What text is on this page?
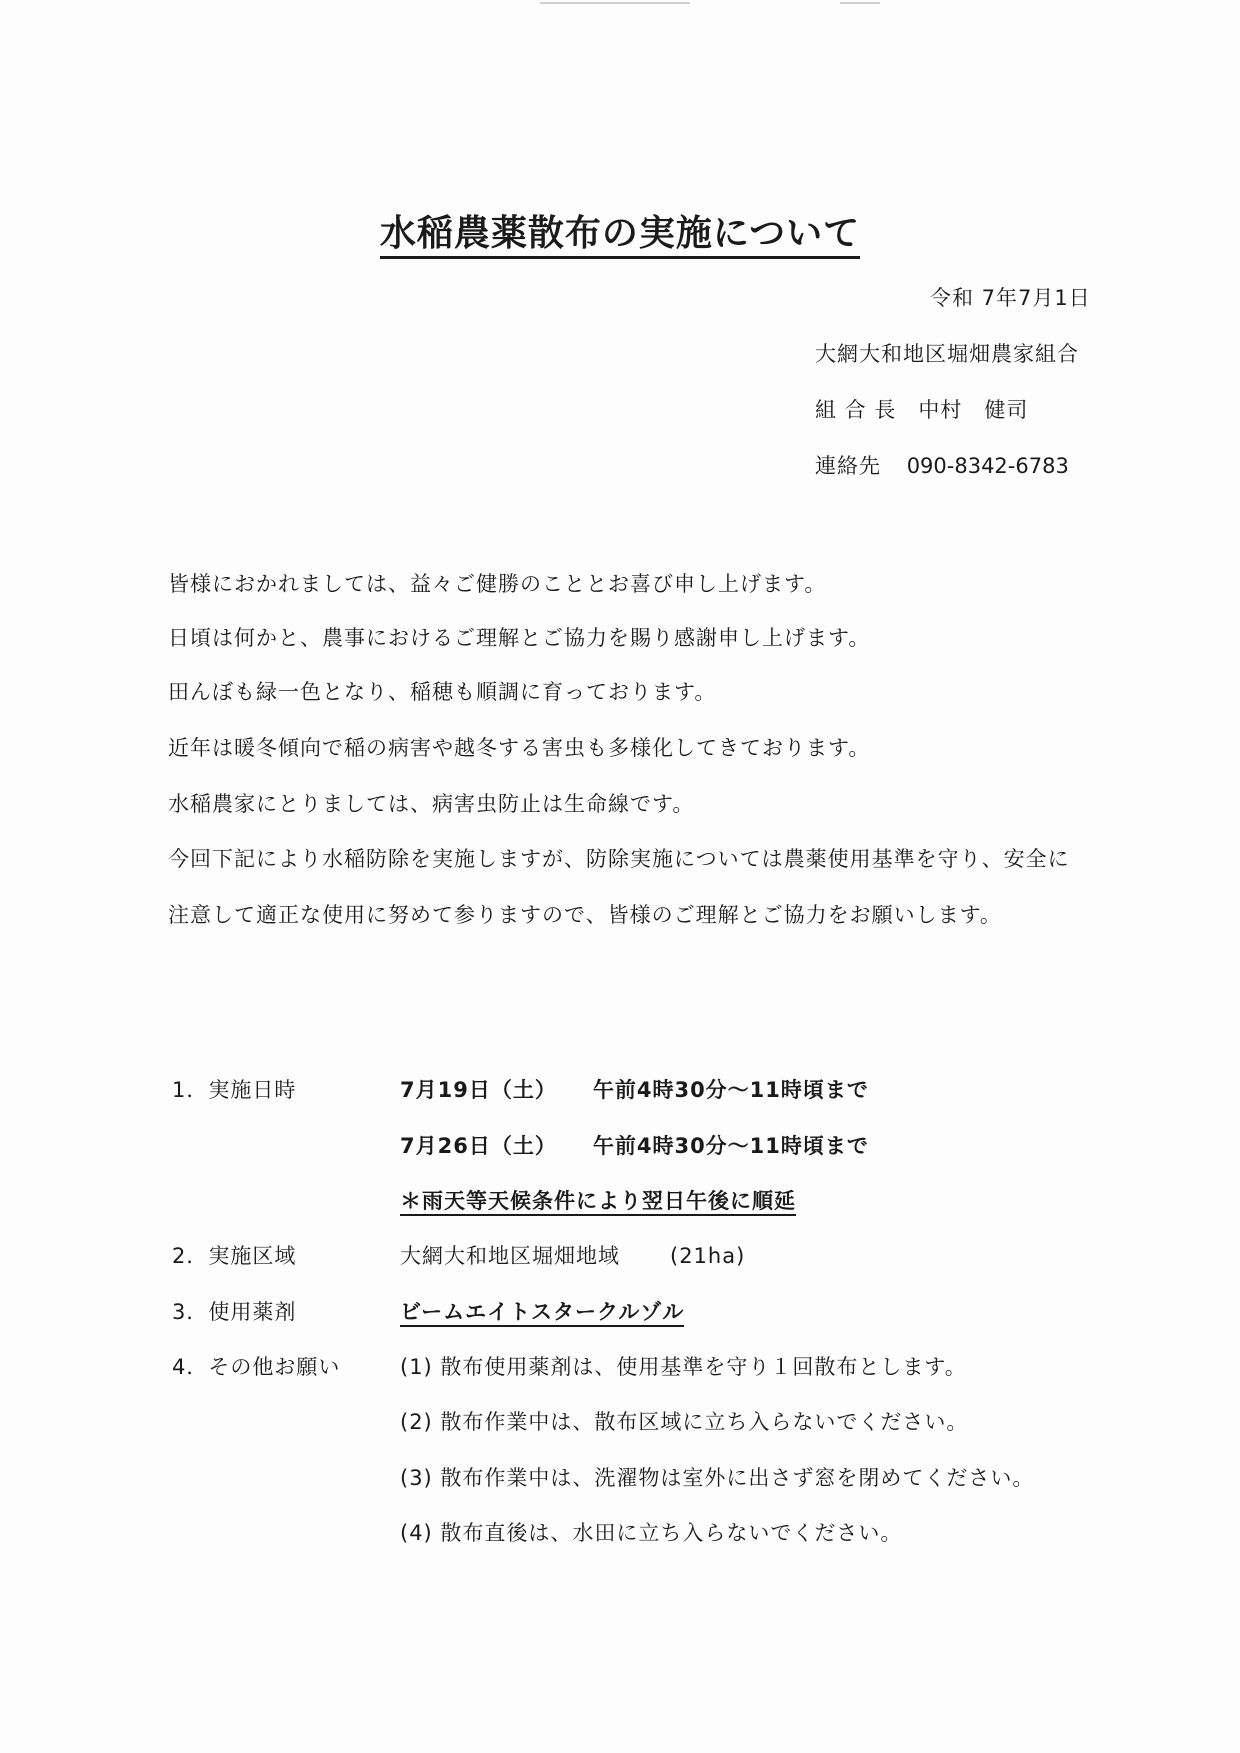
水稲農薬散布の実施について
令和 7年7月1日
大網大和地区堀畑農家組合
組 合 長　中村　健司
連絡先 090-8342-6783
皆様におかれましては、益々ご健勝のこととお喜び申し上げます。
日頃は何かと、農事におけるご理解とご協力を賜り感謝申し上げます。
田んぼも緑一色となり、稲穂も順調に育っております。
近年は暖冬傾向で稲の病害や越冬する害虫も多様化してきております。
水稲農家にとりましては、病害虫防止は生命線です。
今回下記により水稲防除を実施しますが、防除実施については農薬使用基準を守り、安全に
注意して適正な使用に努めて参りますので、皆様のご理解とご協力をお願いします。
1．実施日時	7月19日（土） 午前4時30分～11時頃まで
7月26日（土） 午前4時30分～11時頃まで
＊雨天等天候条件により翌日午後に順延
2．実施区域	大網大和地区堀畑地域 (21ha)
3．使用薬剤	ビームエイトスタークルゾル
4．その他お願い	(1) 散布使用薬剤は、使用基準を守り１回散布とします。
(2) 散布作業中は、散布区域に立ち入らないでください。
(3) 散布作業中は、洗濯物は室外に出さず窓を閉めてください。
(4) 散布直後は、水田に立ち入らないでください。
